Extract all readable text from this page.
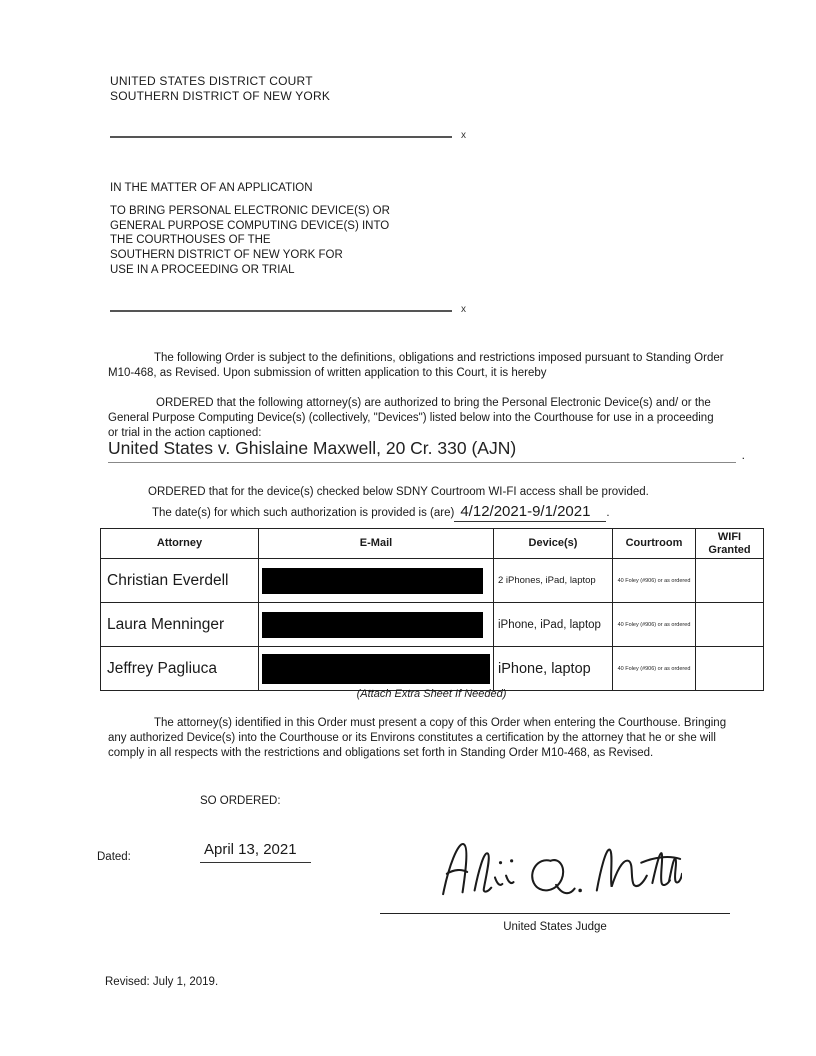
UNITED STATES DISTRICT COURT
SOUTHERN DISTRICT OF NEW YORK
x
IN THE MATTER OF AN APPLICATION
TO BRING PERSONAL ELECTRONIC DEVICE(S) OR
GENERAL PURPOSE COMPUTING DEVICE(S) INTO
THE COURTHOUSES OF THE
SOUTHERN DISTRICT OF NEW YORK FOR
USE IN A PROCEEDING OR TRIAL
x
The following Order is subject to the definitions, obligations and restrictions imposed pursuant to Standing Order M10-468, as Revised. Upon submission of written application to this Court, it is hereby
ORDERED that the following attorney(s) are authorized to bring the Personal Electronic Device(s) and/ or the General Purpose Computing Device(s) (collectively, "Devices") listed below into the Courthouse for use in a proceeding or trial in the action captioned:
United States v. Ghislaine Maxwell, 20 Cr. 330 (AJN)	.
ORDERED that for the device(s) checked below SDNY Courtroom WI-FI access shall be provided.
The date(s) for which such authorization is provided is (are) 4/12/2021-9/1/2021	.
Attorney	E-Mail	Device(s)	Courtroom	WIFI Granted
Christian Everdell		2 iPhones, iPad, laptop	40 Foley (#906) or as ordered	
Laura Menninger		iPhone, iPad, laptop	40 Foley (#906) or as ordered	
Jeffrey Pagliuca		iPhone, laptop	40 Foley (#906) or as ordered	
(Attach Extra Sheet If Needed)
The attorney(s) identified in this Order must present a copy of this Order when entering the Courthouse. Bringing any authorized Device(s) into the Courthouse or its Environs constitutes a certification by the attorney that he or she will comply in all respects with the restrictions and obligations set forth in Standing Order M10-468, as Revised.
SO ORDERED:
Dated:	April 13, 2021
United States Judge
Revised: July 1, 2019.
